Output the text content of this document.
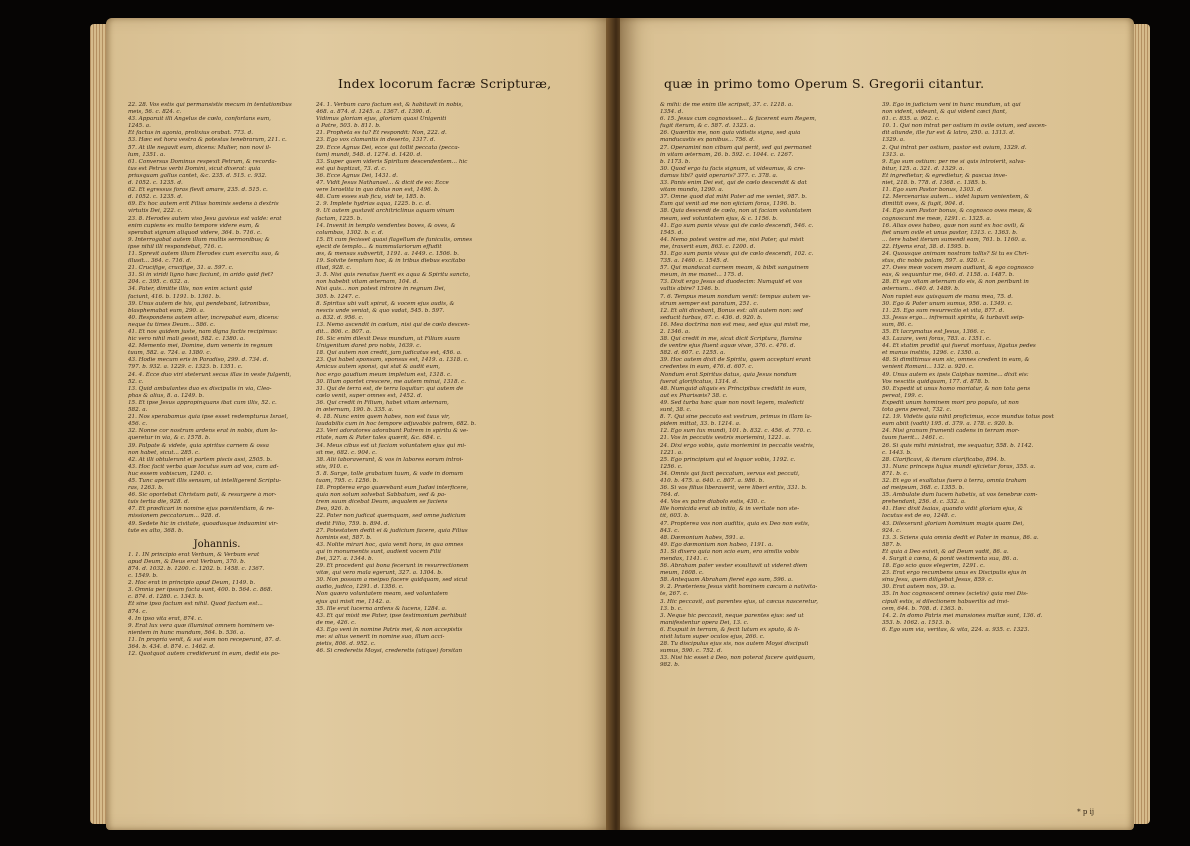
Index locorum facræ Scripturæ,

22. 28. Vos estis qui permansistis mecum in tentationibus

meis, 56. c. 824. c.

43. Apparuit illi Angelus de cœlo, confortans eum,

1245. a.

Et factus in agonia, prolixius orabat. 773. d.

53. Hæc est hora vestra & potestas tenebrarum, 211. c.

57. At ille negavit eum, dicens: Mulier, non novi il-

lum, 1351. a.

61. Conversus Dominus respexit Petrum, & recorda-

tus est Petrus verbi Domini, sicut dixerat: quia

priusquam gallus cantet, &c. 235. d. 515. c. 932.

d. 1052. c. 1235. d.

62. Et egressus foras flevit amare, 235. d. 515. c.

d. 1052. c. 1235. d.

69. Ex hoc autem erit Filius hominis sedens à dextris

virtutis Dei, 222. c.

23. 8. Herodes autem viso Jesu gavisus est valde: erat

enim cupiens ex multo tempore videre eum, &

sperabat signum aliquod videre, 364. b. 716. c.

9. Interrogabat autem illum multis sermonibus; &

ipse nihil illi respondebat, 716. c.

11. Sprevit autem illum Herodes cum exercitu suo, &

illusit... 364. c. 716. d.

21. Crucifige, crucifige, 31. a. 597. c.

31. Si in viridi ligno hæc faciunt, in arido quid fiet?

204. c. 395. c. 632. a.

34. Pater, dimitte illis, non enim sciunt quid

faciunt, 416. b. 1191. b. 1361. b.

39. Unus autem de his, qui pendebant, latronibus,

blasphemabat eum, 290. a.

40. Respondens autem alter, increpabat eum, dicens:

neque tu times Deum... 586. c.

41. Et nos quidem juste, nam digna factis recipimus:

hic vero nihil mali gessit, 582. c. 1380. a.

42. Memento mei, Domine, dum veneris in regnum

tuum, 582. a. 724. a. 1380. c.

43. Hodie mecum eris in Paradiso, 299. d. 734. d.

797. b. 932. a. 1229. c. 1323. b. 1351. c.

24. 4. Ecce duo viri steterunt secus illas in veste fulgenti,

52. c.

13. Quid ambulantes duo ex discipulis in via, Cleo-

phas & alius, 8. a. 1249. b.

15. Et ipse Jesus appropinquans ibat cum illis, 52. c.

582. a.

21. Nos sperabamus quia ipse esset redempturus Israel,

456. c.

32. Nonne cor nostrum ardens erat in nobis, dum lo-

queretur in via, & c. 1578. b.

39. Palpate & videte, quia spiritus carnem & ossa

non habet, sicut... 285. c.

42. At illi obtulerunt ei partem piscis assi, 2505. b.

43. Hoc facit verba quæ locutus sum ad vos, cum ad-

huc essem vobiscum, 1240. c.

45. Tunc aperuit illis sensum, ut intelligerent Scriptu-

ras, 1263. b.

46. Sic oportebat Christum pati, & resurgere à mor-

tuis tertia die, 928. d.

47. Et prædicari in nomine ejus pœnitentiam, & re-

missionem peccatorum... 928. d.

49. Sedete hic in civitate, quoadusque induamini vir-

tute ex alto, 368. b.

Johannis.

1. 1. IN principio erat Verbum, & Verbum erat

apud Deum, & Deus erat Verbum, 370. b.

874. d. 1032. b. 1200. c. 1202. b. 1458. c. 1367.

c. 1549. b.

2. Hoc erat in principio apud Deum, 1149. b.

3. Omnia per ipsum facta sunt, 400. b. 564. c. 868.

c. 874. d. 1280. c. 1343. b.

Et sine ipso factum est nihil. Quod factum est...

874. c.

4. In ipso vita erat, 874. c.

9. Erat lux vera quæ illuminat omnem hominem ve-

nientem in hunc mundum, 564. b. 536. a.

11. In propria venit, & sui eum non receperunt, 87. d.

364. b. 434. d. 874. c. 1462. d.

12. Quotquot autem crediderunt in eum, dedit eis po-

24. 1. Verbum caro factum est, & habitavit in nobis,

468. a. 874. d. 1245. a. 1367. d. 1390. d.

Vidimus gloriam ejus, gloriam quasi Unigeniti

à Patre, 503. b. 811. b.

21. Propheta es tu? Et respondit: Non, 222. d.

23. Ego vox clamantis in deserto, 1317. d.

29. Ecce Agnus Dei, ecce qui tollit peccata (pecca-

tum) mundi, 548. d. 1274. d. 1420. d.

33. Super quem videris Spiritum descendentem... hic

est qui baptizat, 73. d. c.

36. Ecce Agnus Dei, 1431. d.

47. Vidit Jesus Nathanael... & dicit de eo: Ecce

vere Israelita in quo dolus non est, 1496. b.

48. Cum esses sub ficu, vidi te, 185. b.

2. 9. Implete hydrias aqua, 1225. b. c. d.

9. Ut autem gustavit architriclinus aquam vinum

factam, 1225. b.

14. Invenit in templo vendentes boves, & oves, &

columbas, 1302. b. c. d.

15. Et cum fecisset quasi flagellum de funiculis, omnes

ejecit de templo... & nummulariorum effudit

æs, & mensas subvertit, 1191. a. 1449. c. 1506. b.

19. Solvite templum hoc, & in tribus diebus excitabo

illud, 928. c.

3. 5. Nisi quis renatus fuerit ex aqua & Spiritu sancto,

non habebit vitam æternam, 104. d.

Nisi quis... non potest introire in regnum Dei,

305. b. 1247. c.

8. Spiritus ubi vult spirat, & vocem ejus audis, &

nescis unde veniat, & quo vadat, 545. b. 597.

a. 832. d. 956. c.

13. Nemo ascendit in cœlum, nisi qui de cœlo descen-

dit... 806. c. 807. a.

16. Sic enim dilexit Deus mundum, ut Filium suum

Unigenitum daret pro nobis, 1639. c.

18. Qui autem non credit, jam judicatus est, 456. a.

23. Qui habet sponsam, sponsus est, 1419. a. 1318. c.

Amicus autem sponsi, qui stat & audit eum,

hoc ergo gaudium meum impletum est, 1318. c.

30. Illum oportet crescere, me autem minui, 1318. c.

31. Qui de terra est, de terra loquitur: qui autem de

cœlo venit, super omnes est, 1452. d.

36. Qui credit in Filium, habet vitam æternam,

in æternum, 190. b. 335. a.

4. 18. Nunc enim quem habes, non est tuus vir,

laudabilis cum in hoc tempore adjuvabis patrem, 682. b.

23. Veri adoratores adorabunt Patrem in spiritu & ve-

ritate, nam & Pater tales quærit, &c. 684. c.

34. Meus cibus est ut faciam voluntatem ejus qui mi-

sit me, 682. c. 904. c.

38. Alii laboraverunt, & vos in labores eorum introi-

stis, 910. c.

5. 8. Surge, tolle grabatum tuum, & vade in domum

tuam, 795. c. 1256. b.

18. Propterea ergo quærebant eum Judæi interficere,

quia non solum solvebat Sabbatum, sed & pa-

trem suum dicebat Deum, æqualem se faciens

Deo, 926. b.

22. Pater non judicat quemquam, sed omne judicium

dedit Filio, 759. b. 894. d.

27. Potestatem dedit ei & judicium facere, quia Filius

hominis est, 587. b.

43. Nolite mirari hoc, quia venit hora, in qua omnes

qui in monumentis sunt, audient vocem Filii

Dei, 327. a. 1344. b.

29. Et procedent qui bona fecerunt in resurrectionem

vitæ, qui vero mala egerunt, 327. a. 1304. b.

30. Non possum a meipso facere quidquam, sed sicut

audio, judico, 1291. d. 1356. c.

Non quæro voluntatem meam, sed voluntatem

ejus qui misit me, 1142. a.

35. Ille erat lucerna ardens & lucens, 1284. a.

43. Et qui misit me Pater, ipse testimonium perhibuit

de me, 426. c.

43. Ego veni in nomine Patris mei, & non accepistis

me: si alius venerit in nomine suo, illum acci-

pietis, 806. d. 952. c.

46. Si crederetis Moysi, crederetis (utique) forsitan

quæ in primo tomo Operum S. Gregorii citantur.

& mihi: de me enim ille scripsit, 37. c. 1218. a.

1354. d.

6. 15. Jesus cum cognovisset... & facerent eum Regem,

fugit iterum, & c. 587. d. 1323. a.

26. Quæritis me, non quia vidistis signa, sed quia

manducastis ex panibus... 756. d.

27. Operamini non cibum qui perit, sed qui permanet

in vitam æternam, 26. b. 592. c. 1044. c. 1267.

b. 1173. b.

30. Quod ergo tu facis signum, ut videamus, & cre-

damus tibi? quid operaris? 377. c. 378. a.

33. Panis enim Dei est, qui de cœlo descendit & dat

vitam mundo, 1290. a.

37. Omne quod dat mihi Pater ad me veniet, 987. b.

Eum qui venit ad me non ejiciam foras, 1196. b.

38. Quia descendi de cœlo, non ut faciam voluntatem

meam, sed voluntatem ejus, & c. 1156. b.

41. Ego sum panis vivus qui de cœlo descendi, 546. c.

1545. d.

44. Nemo potest venire ad me, nisi Pater, qui misit

me, traxerit eum, 863. c. 1200. d.

51. Ego sum panis vivus qui de cœlo descendi, 102. c.

735. a. 1460. c. 1545. d.

57. Qui manducat carnem meam, & bibit sanguinem

meum, in me manet... 175. d.

73. Dixit ergo Jesus ad duodecim: Numquid et vos

vultis abire? 1346. b.

7. 6. Tempus meum nondum venit: tempus autem ve-

strum semper est paratum, 251. c.

12. Et alii dicebant, Bonus est: alii autem non: sed

seducit turbas, 67. c. 436. d. 920. b.

16. Mea doctrina non est mea, sed ejus qui misit me,

2. 1346. a.

38. Qui credit in me, sicut dicit Scriptura, flumina

de ventre ejus fluent aquæ vivæ, 376. c. 476. d.

582. d. 607. c. 1255. a.

39. Hoc autem dixit de Spiritu, quem accepturi erant

credentes in eum, 476. d. 607. c.

Nondum erat Spiritus datus, quia Jesus nondum

fuerat glorificatus, 1314. d.

48. Numquid aliquis ex Principibus credidit in eum,

aut ex Pharisæis? 38. c.

49. Sed turba hæc quæ non novit legem, maledicti

sunt, 38. c.

8. 7. Qui sine peccato est vestrum, primus in illam la-

pidem mittat, 33. b. 1214. a.

12. Ego sum lux mundi, 101. b. 832. c. 456. d. 770. c.

21. Vos in peccatis vestris moriemini, 1221. a.

24. Dixi ergo vobis, quia moriemini in peccatis vestris,

1221. a.

25. Ego principium qui et loquor vobis, 1192. c.

1256. c.

34. Omnis qui facit peccatum, servus est peccati,

410. b. 475. a. 640. c. 807. a. 986. b.

36. Si vos filius liberaverit, vere liberi eritis, 331. b.

764. d.

44. Vos ex patre diabolo estis, 430. c.

Ille homicida erat ab initio, & in veritate non ste-

tit, 603. b.

47. Propterea vos non auditis, quia ex Deo non estis,

843. c.

48. Dæmonium habes, 591. a.

49. Ego dæmonium non habeo, 1191. a.

51. Si dixero quia non scio eum, ero similis vobis

mendax, 1141. c.

56. Abraham pater vester exsultavit ut videret diem

meum, 1608. c.

58. Antequam Abraham fieret ego sum, 596. a.

9. 2. Præteriens Jesus vidit hominem cæcum à nativita-

te, 267. c.

3. Hic peccavit, aut parentes ejus, ut cæcus nasceretur,

13. b. c.

3. Neque hic peccavit, neque parentes ejus: sed ut

manifestentur opera Dei, 13. c.

6. Exspuit in terram, & fecit lutum ex sputo, & li-

nivit lutum super oculos ejus, 266. c.

28. Tu discipulus ejus sis, nos autem Moysi discipuli

sumus, 590. c. 752. d.

33. Nisi hic esset à Deo, non poterat facere quidquam,

982. b.

39. Ego in judicium veni in hunc mundum, ut qui

non vident, videant, & qui vident cæci fiant,

61. c. 835. a. 902. c.

10. 1. Qui non intrat per ostium in ovile ovium, sed ascen-

dit aliunde, ille fur est & latro, 250. a. 1313. d.

1329. a.

2. Qui intrat per ostium, pastor est ovium, 1329. d.

1313. a.

9. Ego sum ostium: per me si quis introierit, salva-

bitur, 125. a. 321. d. 1329. a.

Et ingredietur, & egredietur, & pascua inve-

niet, 218. b. 778. d. 1368. c. 1385. b.

11. Ego sum Pastor bonus, 1303. d.

12. Mercenarius autem... videt lupum venientem, &

dimittit oves, & fugit, 904. d.

14. Ego sum Pastor bonus, & cognosco oves meas, &

cognoscunt me meæ, 1291. c. 1325. a.

16. Alias oves habeo, quæ non sunt ex hoc ovili, &

fiet unum ovile et unus pastor, 1313. c. 1363. b.

... tere habet iterum sumendi eam, 761. b. 1160. a.

22. Hyems erat, 38. d. 1595. b.

24. Quousque animam nostram tollis? Si tu es Chri-

stus, dic nobis palam, 597. a. 920. c.

27. Oves meæ vocem meam audiunt, & ego cognosco

eas, & sequuntur me, 640. d. 1158. a. 1487. b.

28. Et ego vitam æternam do eis, & non peribunt in

æternum... 640. d. 1489. b.

Non rapiet eas quisquam de manu mea, 75. d.

30. Ego & Pater unum sumus, 956. a. 1349. c.

11. 25. Ego sum resurrectio et vita, 877. d.

33. Jesus ergo... infremuit spiritu, & turbavit seip-

sum, 86. c.

35. Et lacrymatus est Jesus, 1366. c.

43. Lazare, veni foras, 783. a. 1351. c.

44. Et statim prodiit qui fuerat mortuus, ligatus pedes

et manus institis, 1296. c. 1350. a.

48. Si dimittimus eum sic, omnes credent in eum, &

venient Romani... 132. a. 920. c.

49. Unus autem ex ipsis Caiphas nomine... dixit eis:

Vos nescitis quidquam, 177. d. 878. b.

50. Expedit ut unus homo moriatur, & non tota gens

pereat, 199. c.

Expedit unum hominem mori pro populo, ut non

tota gens pereat, 732. c.

12. 19. Videtis quia nihil proficimus, ecce mundus totus post

eum abiit (vadit) 195. d. 379. a. 178. c. 920. b.

24. Nisi granum frumenti cadens in terram mor-

tuum fuerit... 1461. c.

26. Si quis mihi ministrat, me sequatur, 558. b. 1142.

c. 1443. b.

28. Clarificavi, & iterum clarificabo, 894. b.

31. Nunc princeps hujus mundi ejicietur foras, 355. a.

871. b. c.

32. Et ego si exaltatus fuero à terra, omnia traham

ad meipsum, 368. c. 1355. b.

35. Ambulate dum lucem habetis, ut vos tenebræ com-

prehendant, 256. d. c. 332. a.

41. Hæc dixit Isaias, quando vidit gloriam ejus, &

locutus est de eo, 1248. c.

43. Dilexerunt gloriam hominum magis quam Dei,

924. c.

13. 3. Sciens quia omnia dedit ei Pater in manus, 86. a.

587. b.

Et quia à Deo exivit, & ad Deum vadit, 86. a.

4. Surgit à cœna, & ponit vestimenta sua, 86. a.

18. Ego scio quos elegerim, 1291. c.

23. Erat ergo recumbens unus ex Discipulis ejus in

sinu Jesu, quem diligebat Jesus, 859. c.

30. Erat autem nox, 39. a.

35. In hoc cognoscent omnes (scietis) quia mei Dis-

cipuli estis, si dilectionem habueritis ad invi-

cem, 644. b. 708. d. 1363. b.

14. 2. In domo Patris mei mansiones multæ sunt, 136. d.

353. b. 1062. a. 1513. b.

6. Ego sum via, veritas, & vita, 224. a. 935. c. 1323.

* p ij
